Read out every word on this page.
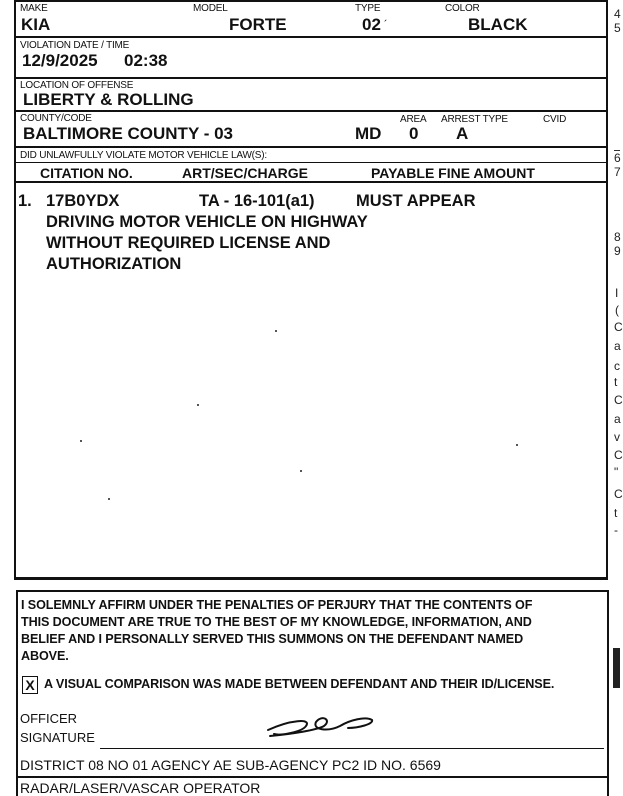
MAKE
KIA
MODEL
FORTE
TYPE
02 ´
COLOR
BLACK
VIOLATION DATE / TIME
12/9/2025 02:38
LOCATION OF OFFENSE
LIBERTY & ROLLING
COUNTY/CODE
BALTIMORE COUNTY - 03	MD
AREA
0
ARREST TYPE
A
CVID
DID UNLAWFULLY VIOLATE MOTOR VEHICLE LAW(S):
CITATION NO.	ART/SEC/CHARGE	PAYABLE FINE AMOUNT
1. 17B0YDX	TA - 16-101(a1)	MUST APPEAR
DRIVING MOTOR VEHICLE ON HIGHWAY
WITHOUT REQUIRED LICENSE AND
AUTHORIZATION
I SOLEMNLY AFFIRM UNDER THE PENALTIES OF PERJURY THAT THE CONTENTS OF
THIS DOCUMENT ARE TRUE TO THE BEST OF MY KNOWLEDGE, INFORMATION, AND
BELIEF AND I PERSONALLY SERVED THIS SUMMONS ON THE DEFENDANT NAMED
ABOVE.
X A VISUAL COMPARISON WAS MADE BETWEEN DEFENDANT AND THEIR ID/LICENSE.
OFFICER
SIGNATURE
DISTRICT 08 NO 01 AGENCY AE SUB-AGENCY PC2 ID NO. 6569
RADAR/LASER/VASCAR OPERATOR
4
5
6
7
8
9
I
(
C
a
c
t
C
a
v
C
"
C
t
-
